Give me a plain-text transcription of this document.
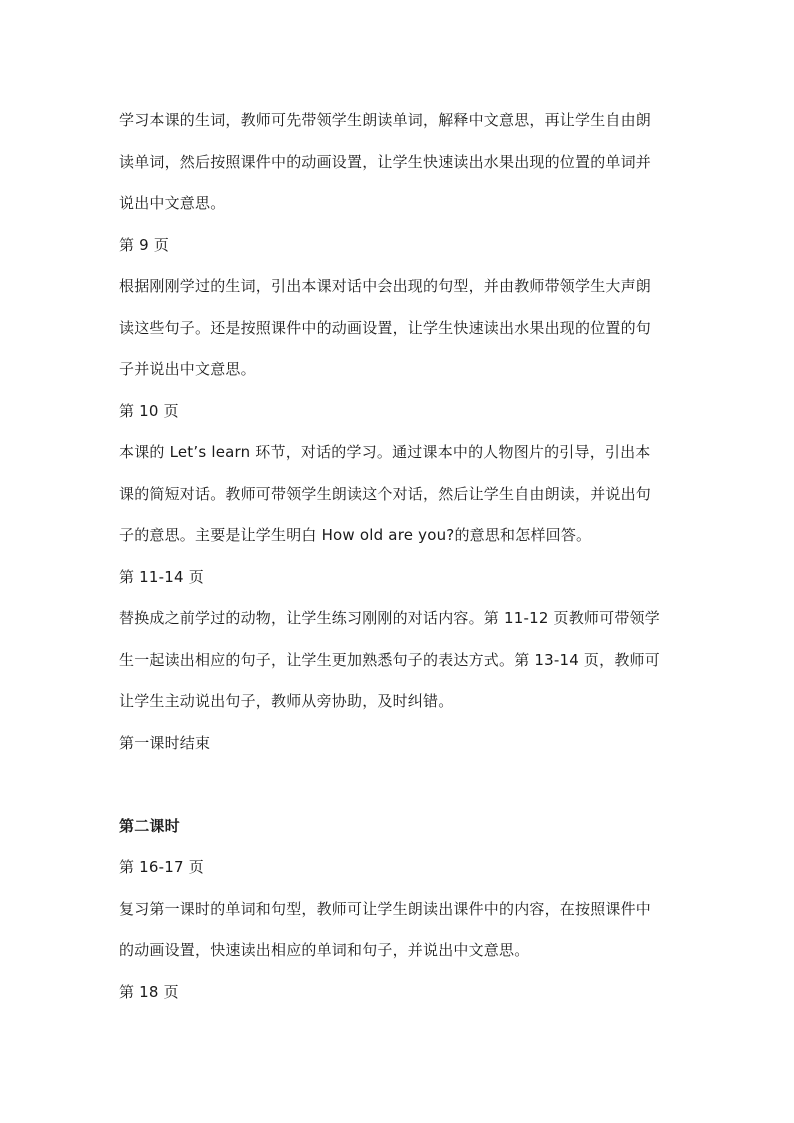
学习本课的生词，教师可先带领学生朗读单词，解释中文意思，再让学生自由朗
读单词，然后按照课件中的动画设置，让学生快速读出水果出现的位置的单词并
说出中文意思。
第 9 页
根据刚刚学过的生词，引出本课对话中会出现的句型，并由教师带领学生大声朗
读这些句子。还是按照课件中的动画设置，让学生快速读出水果出现的位置的句
子并说出中文意思。
第 10 页
本课的 Let’s learn 环节，对话的学习。通过课本中的人物图片的引导，引出本
课的简短对话。教师可带领学生朗读这个对话，然后让学生自由朗读，并说出句
子的意思。主要是让学生明白 How old are you?的意思和怎样回答。
第 11-14 页
替换成之前学过的动物，让学生练习刚刚的对话内容。第 11-12 页教师可带领学
生一起读出相应的句子，让学生更加熟悉句子的表达方式。第 13-14 页，教师可
让学生主动说出句子，教师从旁协助，及时纠错。
第一课时结束
第二课时
第 16-17 页
复习第一课时的单词和句型，教师可让学生朗读出课件中的内容，在按照课件中
的动画设置，快速读出相应的单词和句子，并说出中文意思。
第 18 页
